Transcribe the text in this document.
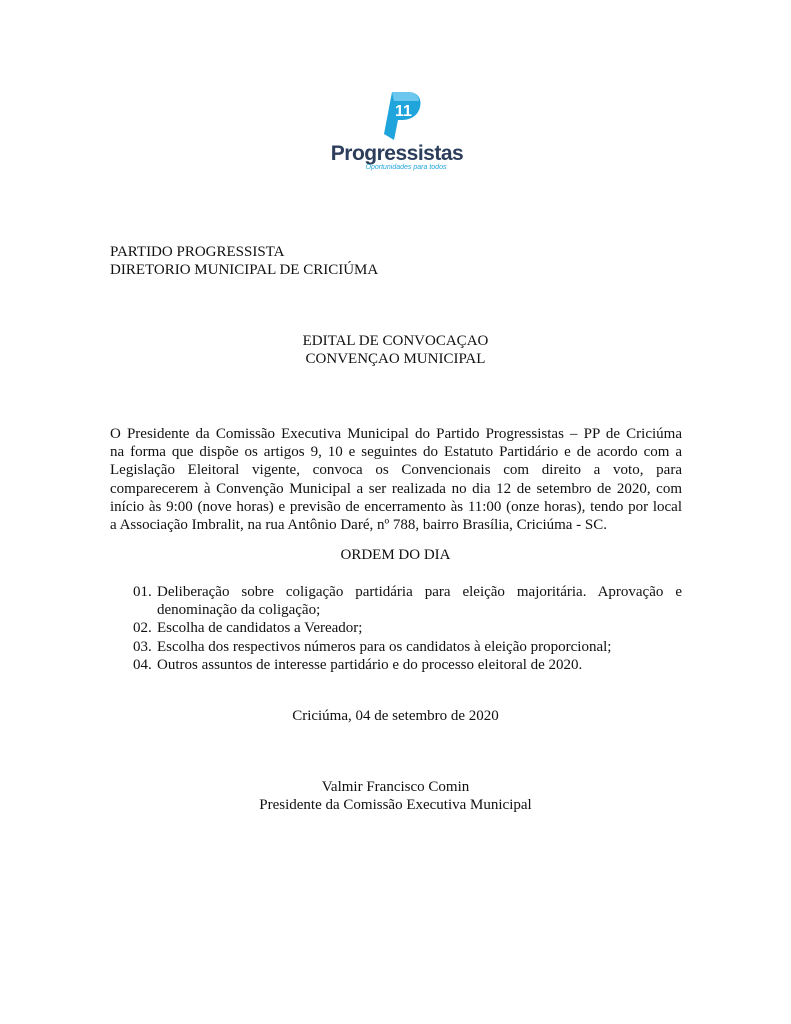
11
Progressistas
Oportunidades para todos

PARTIDO PROGRESSISTA

DIRETORIO MUNICIPAL DE CRICIÚMA

EDITAL DE CONVOCAÇAO

CONVENÇAO MUNICIPAL

O Presidente da Comissão Executiva Municipal do Partido Progressistas – PP de Criciúma
na forma que dispõe os artigos 9, 10 e seguintes do Estatuto Partidário e de acordo com a
Legislação Eleitoral vigente, convoca os Convencionais com direito a voto, para
comparecerem à Convenção Municipal a ser realizada no dia 12 de setembro de 2020, com
início às 9:00 (nove horas) e previsão de encerramento às 11:00 (onze horas), tendo por local
a Associação Imbralit, na rua Antônio Daré, nº 788, bairro Brasília, Criciúma - SC.

ORDEM DO DIA

01. Deliberação sobre coligação partidária para eleição majoritária. Aprovação e
denominação da coligação;
02. Escolha de candidatos a Vereador;
03. Escolha dos respectivos números para os candidatos à eleição proporcional;
04. Outros assuntos de interesse partidário e do processo eleitoral de 2020.

Criciúma, 04 de setembro de 2020

Valmir Francisco Comin

Presidente da Comissão Executiva Municipal
